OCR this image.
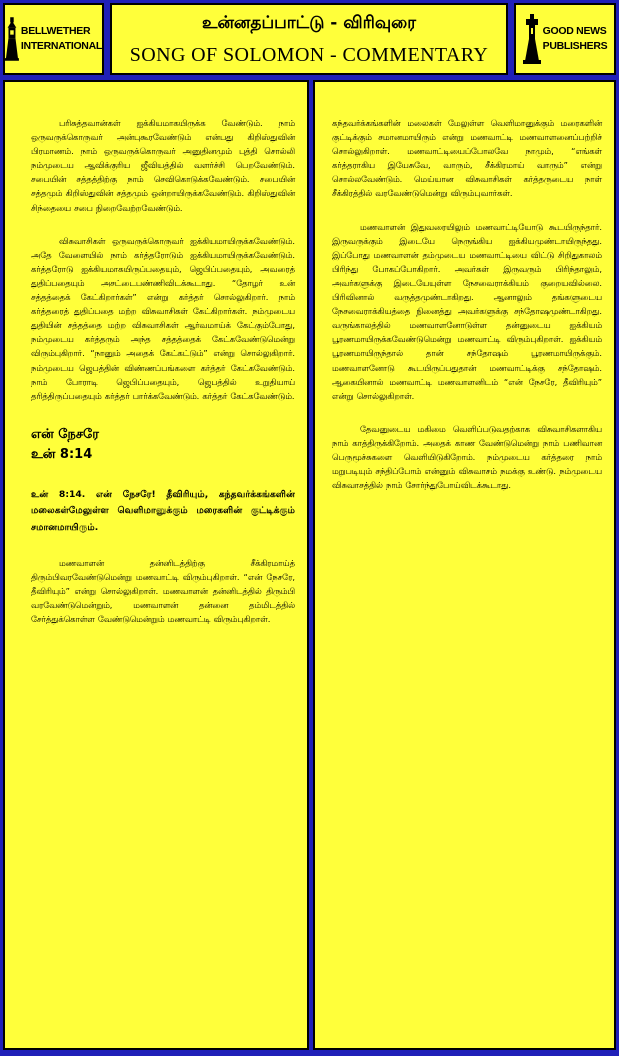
BELLWETHER
INTERNATIONAL
உன்னதப்பாட்டு - விரிவுரை
SONG OF SOLOMON - COMMENTARY
GOOD NEWS
PUBLISHERS

பரிசுத்தவான்கள் ஐக்கியமாகயிருக்க வேண்டும். நாம் ஒருவருக்கொருவர் அன்புகூரவேண்டும் என்பது கிறிஸ்துவின் பிரமாணம். நாம் ஒருவருக்கொருவர் அனுதினமும் புத்தி சொல்லி நம்முடைய ஆவிக்குரிய ஜீவியத்தில் வளர்ச்சி பெறவேண்டும். சபையின் சத்தத்திற்கு நாம் செவிகொடுக்கவேண்டும். சபையின் சத்தமும் கிறிஸ்துவின் சத்தமும் ஒன்றாயிருக்கவேண்டும். கிறிஸ்துவின் சிந்தையை சபை நிறைவேற்றவேண்டும்.

விசுவாசிகள் ஒருவருக்கொருவர் ஐக்கியமாயிருக்கவேண்டும். அதே வேளையில் நாம் கர்த்தரோடும் ஐக்கியமாயிருக்கவேண்டும். கர்த்தரோடு ஐக்கியமாகயிருப்பதையும், ஜெபிப்பதையும், அவரைத் துதிப்பதையும் அசட்டைபண்ணிவிடக்கூடாது. “தோழர் உன் சத்தத்தைக் கேட்கிறார்கள்” என்று கர்த்தர் சொல்லுகிறார். நாம் கர்த்தரைத் துதிப்பதை மற்ற விசுவாசிகள் கேட்கிறார்கள். நம்முடைய துதியின் சத்தத்தை மற்ற விசுவாசிகள் ஆர்வமாய்க் கேட்கும்போது, நம்முடைய கர்த்தரும் அந்த சத்தத்தைக் கேட்கவேண்டுமென்று விரும்புகிறார். “நானும் அதைக் கேட்கட்டும்” என்று சொல்லுகிறார். நம்முடைய ஜெபத்தின் விண்ணப்பங்களை கர்த்தர் கேட்கவேண்டும். நாம் போராடி ஜெபிப்பதையும், ஜெபத்தில் உறுதியாய் தரித்திருப்பதையும் கர்த்தர் பார்க்கவேண்டும். கர்த்தர் கேட்கவேண்டும்.

என் நேசரே
உன் 8:14

உன் 8:14. என் நேசரே! தீவிரியும், கந்தவர்க்கங்களின் மலைகள்மேலுள்ள வெளிமானுக்கும் மரைகளின் குட்டிக்கும் சமானமாயிரும்.

மணவாளன் தன்னிடத்திற்கு சீக்கிரமாய்த் திரும்பிவரவேண்டுமென்று மணவாட்டி விரும்புகிறாள். “என் நேசரே, தீவிரியும்” என்று சொல்லுகிறாள். மணவாளன் தன்னிடத்தில் திரும்பி வரவேண்டுமென்றும், மணவாளன் தன்னை தம்மிடத்தில் சேர்த்துக்கொள்ள வேண்டுமென்றும் மணவாட்டி விரும்புகிறாள்.

கந்தவர்க்கங்களின் மலைகள் மேலுள்ள வெளிமானுக்கும் மரைகளின் குட்டிக்கும் சமானமாயிரும் என்று மணவாட்டி மணவாளனைப்பற்றிச் சொல்லுகிறாள். மணவாட்டியைப்போலவே நாமும், “எங்கள் கர்த்தராகிய இயேசுவே, வாரும், சீக்கிரமாய் வாரும்” என்று சொல்லவேண்டும். மெய்யான விசுவாசிகள் கர்த்தருடைய நாள் சீக்கிரத்தில் வரவேண்டுமென்று விரும்புவார்கள்.

மணவாளன் இதுவரையிலும் மணவாட்டியோடு கூடயிருந்தார். இருவருக்கும் இடையே நெருங்கிய ஐக்கியமுண்டாயிருந்தது. இப்போது மணவாளன் தம்முடைய மணவாட்டியை விட்டு சிறிதுகாலம் பிரிந்து போகப்போகிறார். அவர்கள் இருவரும் பிரிந்தாலும், அவர்களுக்கு இடையேயுள்ள நேசவைராக்கியம் குறையவில்லை. பிரிவினால் வருத்தமுண்டாகிறது. ஆனாலும் தங்களுடைய நேசவைராக்கியத்தை நினைத்து அவர்களுக்கு சந்தோஷமுண்டாகிறது. வருங்காலத்தில் மணவாளனோடுள்ள தன்னுடைய ஐக்கியம் பூரணமாயிருக்கவேண்டுமென்று மணவாட்டி விரும்புகிறாள். ஐக்கியம் பூரணமாயிருந்தால் தான் சந்தோஷம் பூரணமாயிருக்கும். மணவாளனோடு கூடயிருப்பதுதான் மணவாட்டிக்கு சந்தோஷம். ஆகையினால் மணவாட்டி மணவாளனிடம் “என் நேசரே, தீவிரியும்” என்று சொல்லுகிறாள்.

தேவனுடைய மகிமை வெளிப்படுவதற்காக விசுவாசிகளாகிய நாம் காத்திருக்கிறோம். அதைக் காண வேண்டுமென்று நாம் பணிவான பெருமூச்சுகளை வெளியிடுகிறோம். நம்முடைய கர்த்தரை நாம் மறுபடியும் சந்திப்போம் என்னும் விசுவாசம் நமக்கு உண்டு. நம்முடைய விசுவாசத்தில் நாம் சோர்ந்துபோய்விடக்கூடாது.
